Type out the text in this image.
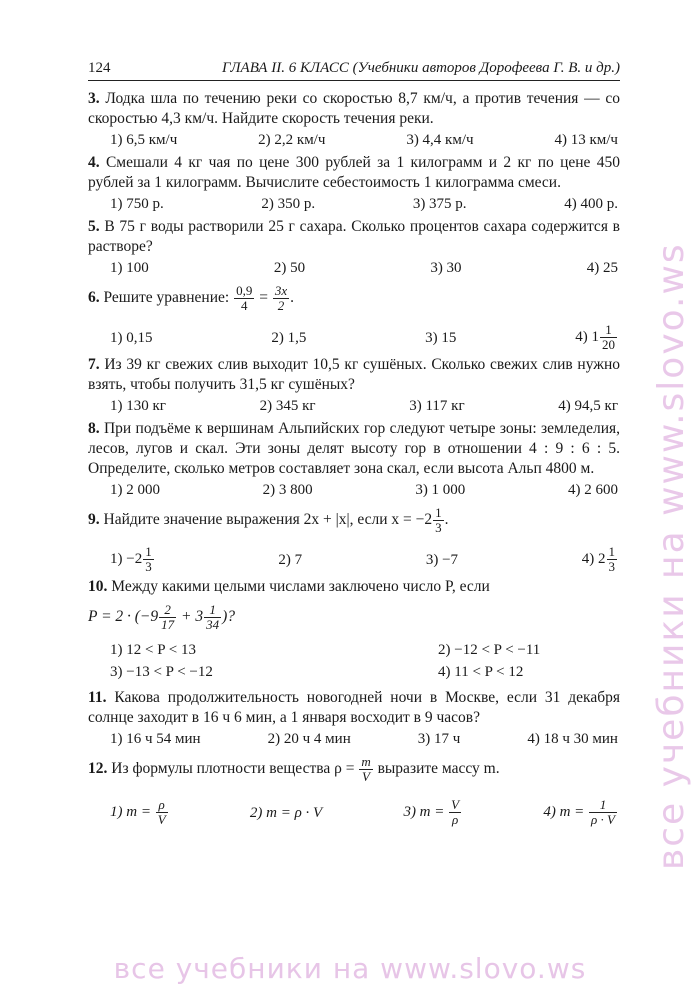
все учебники на www.slovo.ws
124	ГЛАВА II. 6 КЛАСС (Учебники авторов Дорофеева Г. В. и др.)
3. Лодка шла по течению реки со скоростью 8,7 км/ч, а против течения — со скоростью 4,3 км/ч. Найдите скорость течения реки.
1) 6,5 км/ч	2) 2,2 км/ч	3) 4,4 км/ч	4) 13 км/ч
4. Смешали 4 кг чая по цене 300 рублей за 1 килограмм и 2 кг по цене 450 рублей за 1 килограмм. Вычислите себестоимость 1 килограмма смеси.
1) 750 р.	2) 350 р.	3) 375 р.	4) 400 р.
5. В 75 г воды растворили 25 г сахара. Сколько процентов сахара содержится в растворе?
1) 100	2) 50	3) 30	4) 25
6. Решите уравнение: $\frac{0,9}{4} = \frac{3x}{2}$ .
1) 0,15	2) 1,5	3) 15	4) $1 \frac{1}{20}$
7. Из 39 кг свежих слив выходит 10,5 кг сушёных. Сколько свежих слив нужно взять, чтобы получить 31,5 кг сушёных?
1) 130 кг	2) 345 кг	3) 117 кг	4) 94,5 кг
8. При подъёме к вершинам Альпийских гор следуют четыре зоны: земледелия, лесов, лугов и скал. Эти зоны делят высоту гор в отношении 4 : 9 : 6 : 5. Определите, сколько метров составляет зона скал, если высота Альп 4800 м.
1) 2 000	2) 3 800	3) 1 000	4) 2 600
9. Найдите значение выражения 2x + |x|, если $x = -2 \frac{1}{3}$ .
$1) -2 \frac{1}{3}$	2) 7	3) −7	4) $2 \frac{1}{3}$
10. Между какими целыми числами заключено число P, если
$P = 2 \cdot (-9 \frac{2}{17} + 3 \frac{1}{34}$ )?
1) 12 < P < 13	2) −12 < P < −11
3) −13 < P < −12	4) 11 < P < 12
11. Какова продолжительность новогодней ночи в Москве, если 31 декабря солнце заходит в 16 ч 6 мин, а 1 января восходит в 9 часов?
1) 16 ч 54 мин	2) 20 ч 4 мин	3) 17 ч	4) 18 ч 30 мин
12. Из формулы плотности вещества $\rho = \frac{m}{V}$ выразите массу m.
1) $m = \frac{\rho}{V}$	2) m = ρ · V	3) $m = \frac{V}{\rho}$	4) $m = \frac{1}{\rho \cdot V}$
все учебники на www.slovo.ws
